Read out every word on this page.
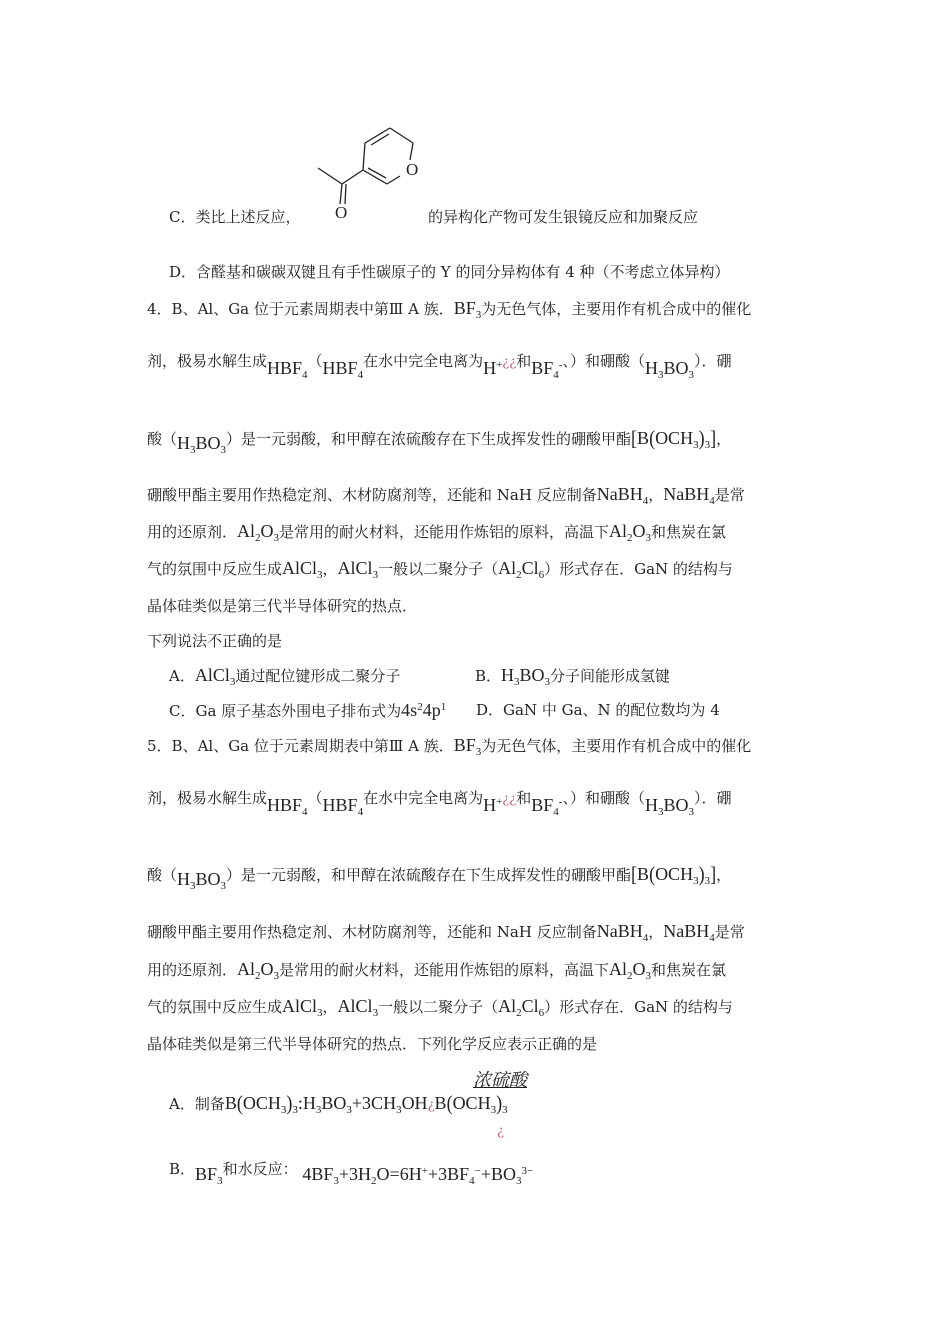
O
O
C．类比上述反应，	的异构化产物可发生银镜反应和加聚反应
D．含醛基和碳碳双键且有手性碳原子的 Y 的同分异构体有 4 种（不考虑立体异构）
4．B、Al、Ga 位于元素周期表中第Ⅲ A 族．$BF_3$为无色气体，主要用作有机合成中的催化
剂，极易水解生成$HBF_4(HBF_4$在水中完全电离为H+¿¿和$BF_4^-$、）和硼酸$(H_3BO_3)$．硼
酸$(H_3BO_3)$是一元弱酸，和甲醇在浓硫酸存在下生成挥发性的硼酸甲酯$[B(OCH_3)_3]$，
硼酸甲酯主要用作热稳定剂、木材防腐剂等，还能和 NaH 反应制备NaBH$_4$，NaBH$_4$是常
用的还原剂．$Al_2O_3$是常用的耐火材料，还能用作炼铝的原料，高温下$Al_2O_3$和焦炭在氯
气的氛围中反应生成AlCl$_3$，AlCl$_3$一般以二聚分子$(Al_2Cl_6)$形式存在．GaN 的结构与
晶体硅类似是第三代半导体研究的热点．
下列说法不正确的是
A．AlCl$_3$通过配位键形成二聚分子	B．$H_3BO_3$分子间能形成氢键
C．Ga 原子基态外围电子排布式为$4s^24p^1$ D．GaN 中 Ga、N 的配位数均为 4
5．B、Al、Ga 位于元素周期表中第Ⅲ A 族．$BF_3$为无色气体，主要用作有机合成中的催化
剂，极易水解生成$HBF_4(HBF_4$在水中完全电离为H+¿¿和$BF_4^-$、）和硼酸$(H_3BO_3)$．硼
酸$(H_3BO_3)$是一元弱酸，和甲醇在浓硫酸存在下生成挥发性的硼酸甲酯$[B(OCH_3)_3]$，
硼酸甲酯主要用作热稳定剂、木材防腐剂等，还能和 NaH 反应制备NaBH$_4$，NaBH$_4$是常
用的还原剂．$Al_2O_3$是常用的耐火材料，还能用作炼铝的原料，高温下$Al_2O_3$和焦炭在氯
气的氛围中反应生成AlCl$_3$，AlCl$_3$一般以二聚分子$(Al_2Cl_6)$形式存在．GaN 的结构与
晶体硅类似是第三代半导体研究的热点．下列化学反应表示正确的是
浓硫酸
A．制备$B(OCH_3)_3:H_3BO_3+3CH_3OH¿B(OCH_3)_3$
¿
B．$BF_3$和水反应： $4BF_3+3H_2O=6H^++3BF_4^-+BO_3^{3-}$
